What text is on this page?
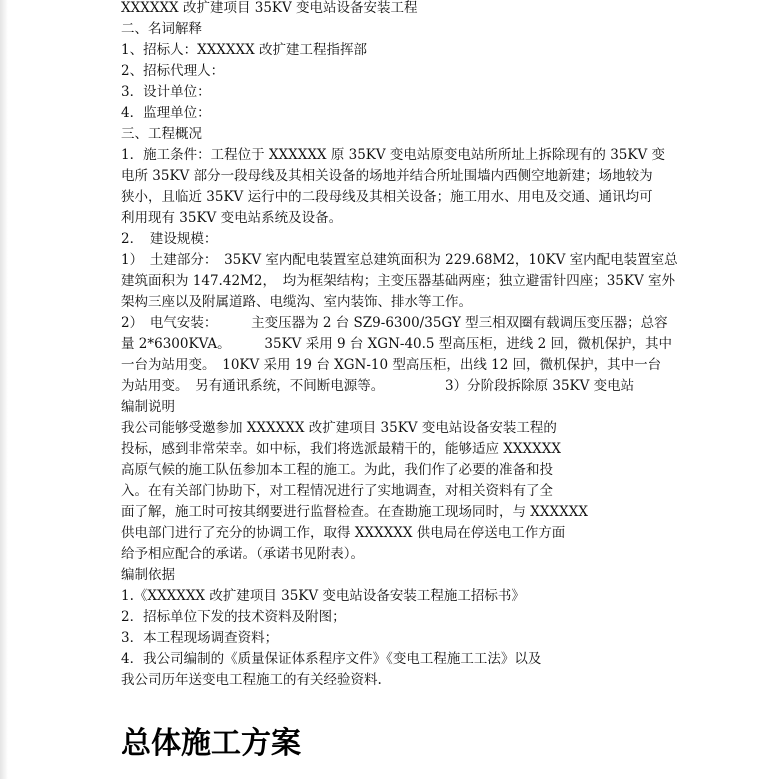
XXXXXX 改扩建项目 35KV 变电站设备安装工程
二、名词解释
1、招标人：XXXXXX 改扩建工程指挥部
2、招标代理人：
3．设计单位：
4．监理单位：
三、工程概况
1．施工条件：工程位于 XXXXXX 原 35KV 变电站原变电站所所址上拆除现有的 35KV 变
电所 35KV 部分一段母线及其相关设备的场地并结合所址围墙内西侧空地新建；场地较为
狭小，且临近 35KV 运行中的二段母线及其相关设备；施工用水、用电及交通、通讯均可
利用现有 35KV 变电站系统及设备。
2．　建设规模：
1）　土建部分：　35KV 室内配电装置室总建筑面积为 229.68M2，10KV 室内配电装置室总
建筑面积为 147.42M2，　均为框架结构；主变压器基础两座；独立避雷针四座；35KV 室外
架构三座以及附属道路、电缆沟、室内装饰、排水等工作。
2）　电气安装：　　　主变压器为 2 台 SZ9-6300/35GY 型三相双圈有载调压变压器；总容
量 2*6300KVA。　　　35KV 采用 9 台 XGN-40.5 型高压柜，进线 2 回，微机保护，其中
一台为站用变。　10KV 采用 19 台 XGN-10 型高压柜，出线 12 回，微机保护，其中一台
为站用变。　另有通讯系统，不间断电源等。　　　　　3）分阶段拆除原 35KV 变电站
编制说明
我公司能够受邀参加 XXXXXX 改扩建项目 35KV 变电站设备安装工程的
投标，感到非常荣幸。如中标，我们将选派最精干的，能够适应 XXXXXX
高原气候的施工队伍参加本工程的施工。为此，我们作了必要的准备和投
入。在有关部门协助下，对工程情况进行了实地调查，对相关资料有了全
面了解，施工时可按其纲要进行监督检查。在查勘施工现场同时，与 XXXXXX
供电部门进行了充分的协调工作，取得 XXXXXX 供电局在停送电工作方面
给予相应配合的承诺。（承诺书见附表）。
编制依据
1.《XXXXXX 改扩建项目 35KV 变电站设备安装工程施工招标书》
2．招标单位下发的技术资料及附图；
3．本工程现场调查资料；
4．我公司编制的《质量保证体系程序文件》《变电工程施工工法》以及
我公司历年送变电工程施工的有关经验资料.
总体施工方案
